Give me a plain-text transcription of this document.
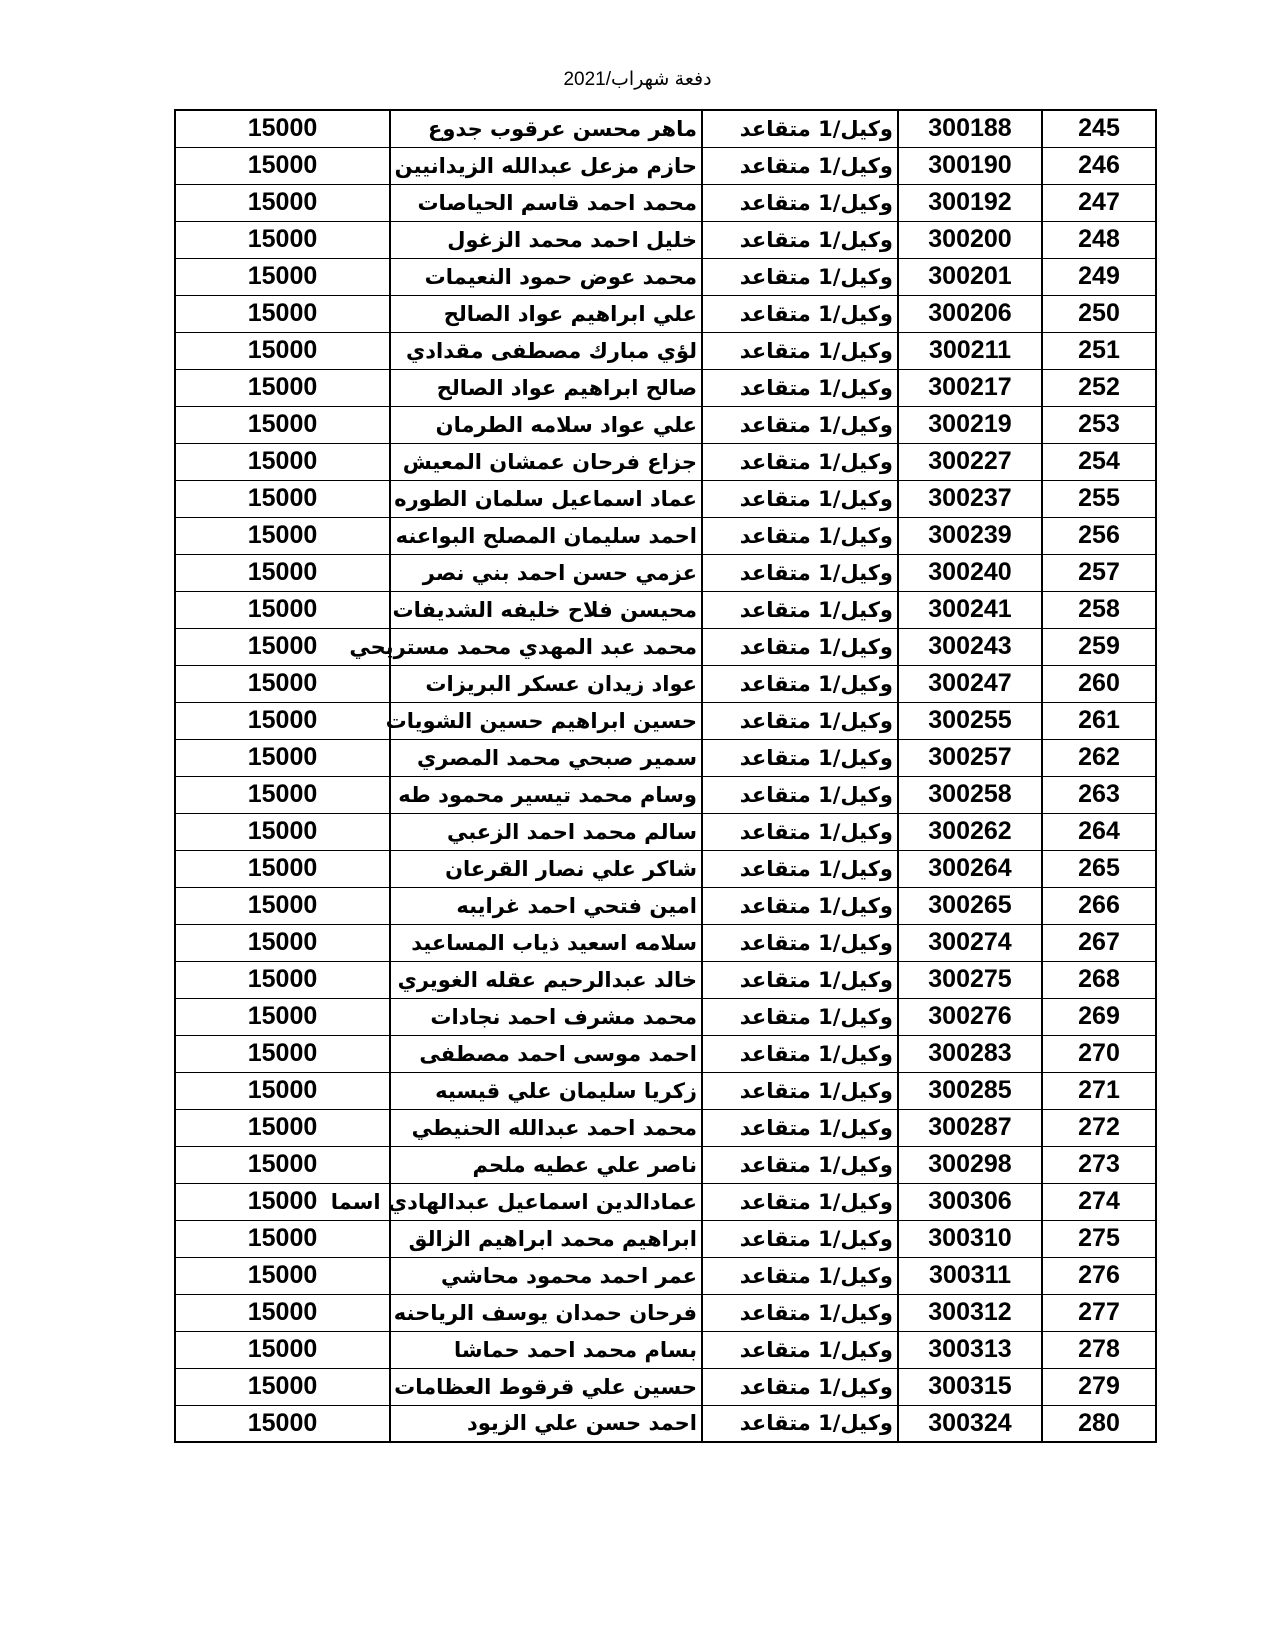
دفعة شهراب/2021
245	300188	وكيل/1 متقاعد	ماهر محسن عرقوب جدوع	15000
246	300190	وكيل/1 متقاعد	حازم مزعل عبدالله الزيدانيين	15000
247	300192	وكيل/1 متقاعد	محمد احمد قاسم الحياصات	15000
248	300200	وكيل/1 متقاعد	خليل احمد محمد الزغول	15000
249	300201	وكيل/1 متقاعد	محمد عوض حمود النعيمات	15000
250	300206	وكيل/1 متقاعد	علي ابراهيم عواد الصالح	15000
251	300211	وكيل/1 متقاعد	لؤي مبارك مصطفى مقدادي	15000
252	300217	وكيل/1 متقاعد	صالح ابراهيم عواد الصالح	15000
253	300219	وكيل/1 متقاعد	علي عواد سلامه الطرمان	15000
254	300227	وكيل/1 متقاعد	جزاع فرحان عمشان المعيش	15000
255	300237	وكيل/1 متقاعد	عماد اسماعيل سلمان الطوره	15000
256	300239	وكيل/1 متقاعد	احمد سليمان المصلح البواعنه	15000
257	300240	وكيل/1 متقاعد	عزمي حسن احمد بني نصر	15000
258	300241	وكيل/1 متقاعد	محيسن فلاح خليفه الشديفات	15000
259	300243	وكيل/1 متقاعد	محمد عبد المهدي محمد مستريحي	15000
260	300247	وكيل/1 متقاعد	عواد زيدان عسكر البريزات	15000
261	300255	وكيل/1 متقاعد	حسين ابراهيم حسين الشويات	15000
262	300257	وكيل/1 متقاعد	سمير صبحي محمد المصري	15000
263	300258	وكيل/1 متقاعد	وسام محمد تيسير محمود طه	15000
264	300262	وكيل/1 متقاعد	سالم محمد احمد الزعبي	15000
265	300264	وكيل/1 متقاعد	شاكر علي نصار القرعان	15000
266	300265	وكيل/1 متقاعد	امين فتحي احمد غرايبه	15000
267	300274	وكيل/1 متقاعد	سلامه اسعيد ذياب المساعيد	15000
268	300275	وكيل/1 متقاعد	خالد عبدالرحيم عقله الغويري	15000
269	300276	وكيل/1 متقاعد	محمد مشرف احمد نجادات	15000
270	300283	وكيل/1 متقاعد	احمد موسى احمد مصطفى	15000
271	300285	وكيل/1 متقاعد	زكريا سليمان علي قيسيه	15000
272	300287	وكيل/1 متقاعد	محمد احمد عبدالله الحنيطي	15000
273	300298	وكيل/1 متقاعد	ناصر علي عطيه ملحم	15000
274	300306	وكيل/1 متقاعد	عمادالدين اسماعيل عبدالهادي اسما	15000
275	300310	وكيل/1 متقاعد	ابراهيم محمد ابراهيم الزالق	15000
276	300311	وكيل/1 متقاعد	عمر احمد محمود محاشي	15000
277	300312	وكيل/1 متقاعد	فرحان حمدان يوسف الرياحنه	15000
278	300313	وكيل/1 متقاعد	بسام محمد احمد حماشا	15000
279	300315	وكيل/1 متقاعد	حسين علي قرقوط العظامات	15000
280	300324	وكيل/1 متقاعد	احمد حسن علي الزيود	15000
